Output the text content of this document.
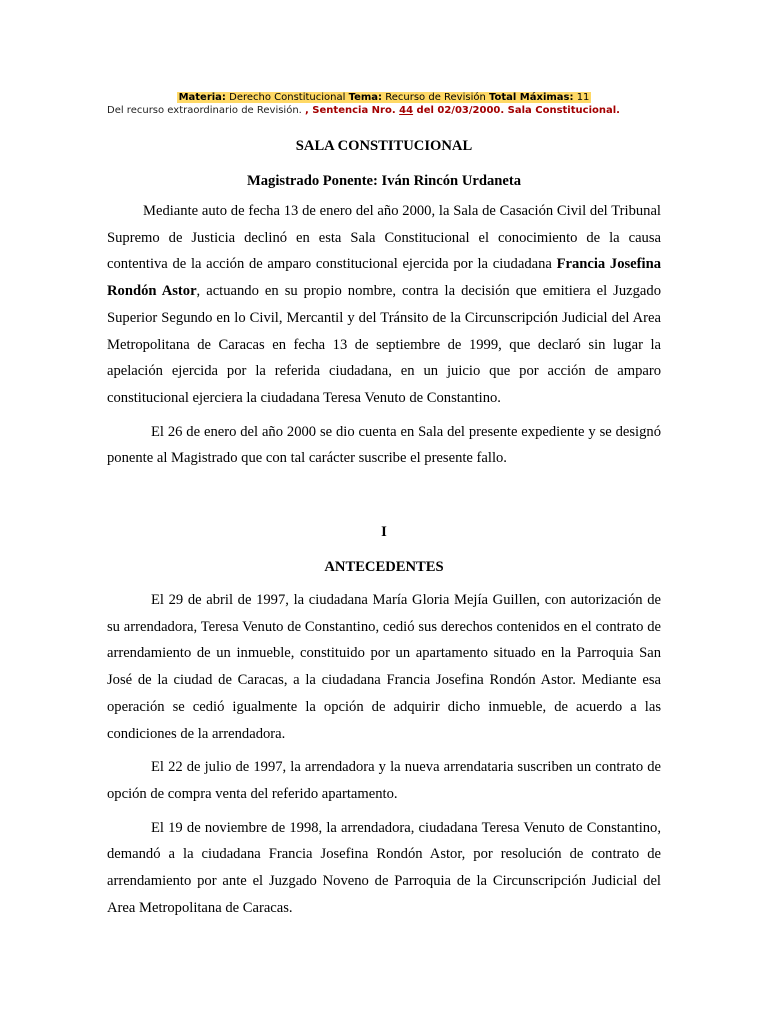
Materia: Derecho Constitucional Tema: Recurso de Revisión Total Máximas: 11
Del recurso extraordinario de Revisión. , Sentencia Nro. 44 del 02/03/2000. Sala Constitucional.

SALA CONSTITUCIONAL

Magistrado Ponente: Iván Rincón Urdaneta

Mediante auto de fecha 13 de enero del año 2000, la Sala de Casación Civil del Tribunal Supremo de Justicia declinó en esta Sala Constitucional el conocimiento de la causa contentiva de la acción de amparo constitucional ejercida por la ciudadana Francia Josefina Rondón Astor, actuando en su propio nombre, contra la decisión que emitiera el Juzgado Superior Segundo en lo Civil, Mercantil y del Tránsito de la Circunscripción Judicial del Area Metropolitana de Caracas en fecha 13 de septiembre de 1999, que declaró sin lugar la apelación ejercida por la referida ciudadana, en un juicio que por acción de amparo constitucional ejerciera la ciudadana Teresa Venuto de Constantino.

El 26 de enero del año 2000 se dio cuenta en Sala del presente expediente y se designó ponente al Magistrado que con tal carácter suscribe el presente fallo.

I

ANTECEDENTES

El 29 de abril de 1997, la ciudadana María Gloria Mejía Guillen, con autorización de su arrendadora, Teresa Venuto de Constantino, cedió sus derechos contenidos en el contrato de arrendamiento de un inmueble, constituido por un apartamento situado en la Parroquia San José de la ciudad de Caracas, a la ciudadana Francia Josefina Rondón Astor. Mediante esa operación se cedió igualmente la opción de adquirir dicho inmueble, de acuerdo a las condiciones de la arrendadora.

El 22 de julio de 1997, la arrendadora y la nueva arrendataria suscriben un contrato de opción de compra venta del referido apartamento.

El 19 de noviembre de 1998, la arrendadora, ciudadana Teresa Venuto de Constantino, demandó a la ciudadana Francia Josefina Rondón Astor, por resolución de contrato de arrendamiento por ante el Juzgado Noveno de Parroquia de la Circunscripción Judicial del Area Metropolitana de Caracas.
